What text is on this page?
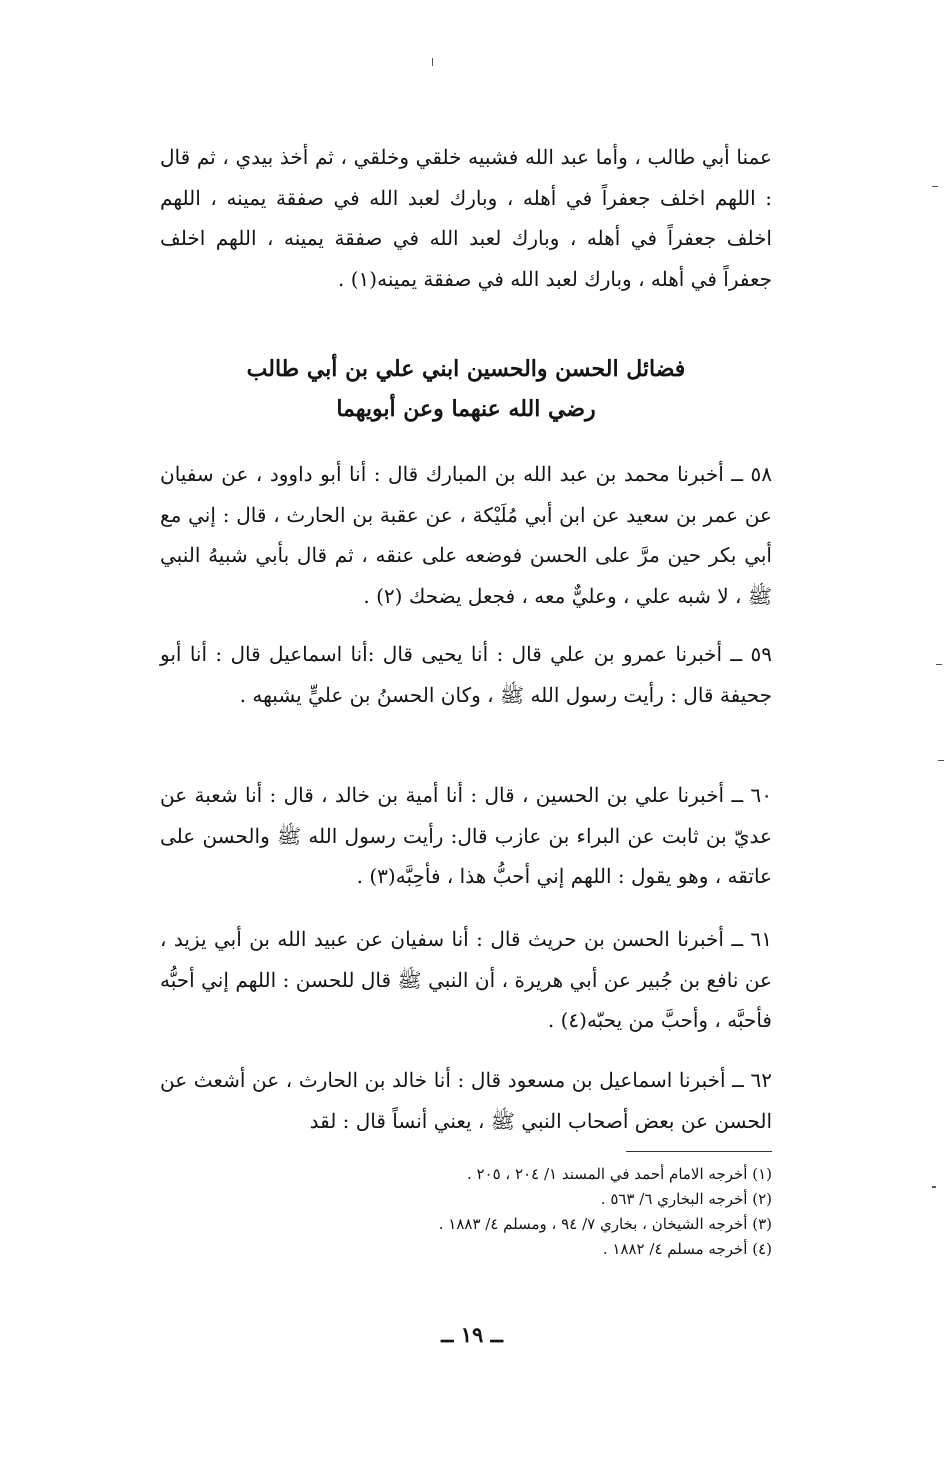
عمنا أبي طالب ، وأما عبد الله فشبيه خلقي وخلقي ، ثم أخذ بيدي ، ثم قال : اللهم اخلف جعفراً في أهله ، وبارك لعبد الله في صفقة يمينه ، اللهم اخلف جعفراً في أهله ، وبارك لعبد الله في صفقة يمينه ، اللهم اخلف جعفراً في أهله ، وبارك لعبد الله في صفقة يمينه(١) .

فضائل الحسن والحسين ابني علي بن أبي طالب
رضي الله عنهما وعن أبويهما

٥٨ ــ أخبرنا محمد بن عبد الله بن المبارك قال : أنا أبو داوود ، عن سفيان عن عمر بن سعيد عن ابن أبي مُلَيْكة ، عن عقبة بن الحارث ، قال : إني مع أبي بكر حين مرَّ على الحسن فوضعه على عنقه ، ثم قال بأبي شبيهُ النبي ﷺ ، لا شبه علي ، وعليٌّ معه ، فجعل يضحك (٢) .

٥٩ ــ أخبرنا عمرو بن علي قال : أنا يحيى قال :أنا اسماعيل قال : أنا أبو جحيفة قال : رأيت رسول الله ﷺ ، وكان الحسنُ بن عليٍّ يشبهه .

٦٠ ــ أخبرنا علي بن الحسين ، قال : أنا أمية بن خالد ، قال : أنا شعبة عن عديّ بن ثابت عن البراء بن عازب قال: رأيت رسول الله ﷺ والحسن على عاتقه ، وهو يقول : اللهم إني أحبُّ هذا ، فأحِبَّه(٣) .

٦١ ــ أخبرنا الحسن بن حريث قال : أنا سفيان عن عبيد الله بن أبي يزيد ، عن نافع بن جُبير عن أبي هريرة ، أن النبي ﷺ قال للحسن : اللهم إني أحبُّه فأحبَّه ، وأحبَّ من يحبّه(٤) .

٦٢ ــ أخبرنا اسماعيل بن مسعود قال : أنا خالد بن الحارث ، عن أشعث عن الحسن عن بعض أصحاب النبي ﷺ ، يعني أنساً قال : لقد

(١) أخرجه الامام أحمد في المسند ١/ ٢٠٤ ، ٢٠٥ .
(٢) أخرجه البخاري ٦/ ٥٦٣ .
(٣) أخرجه الشيخان ، بخاري ٧/ ٩٤ ، ومسلم ٤/ ١٨٨٣ .
(٤) أخرجه مسلم ٤/ ١٨٨٢ .
ــ ١٩ ــ
